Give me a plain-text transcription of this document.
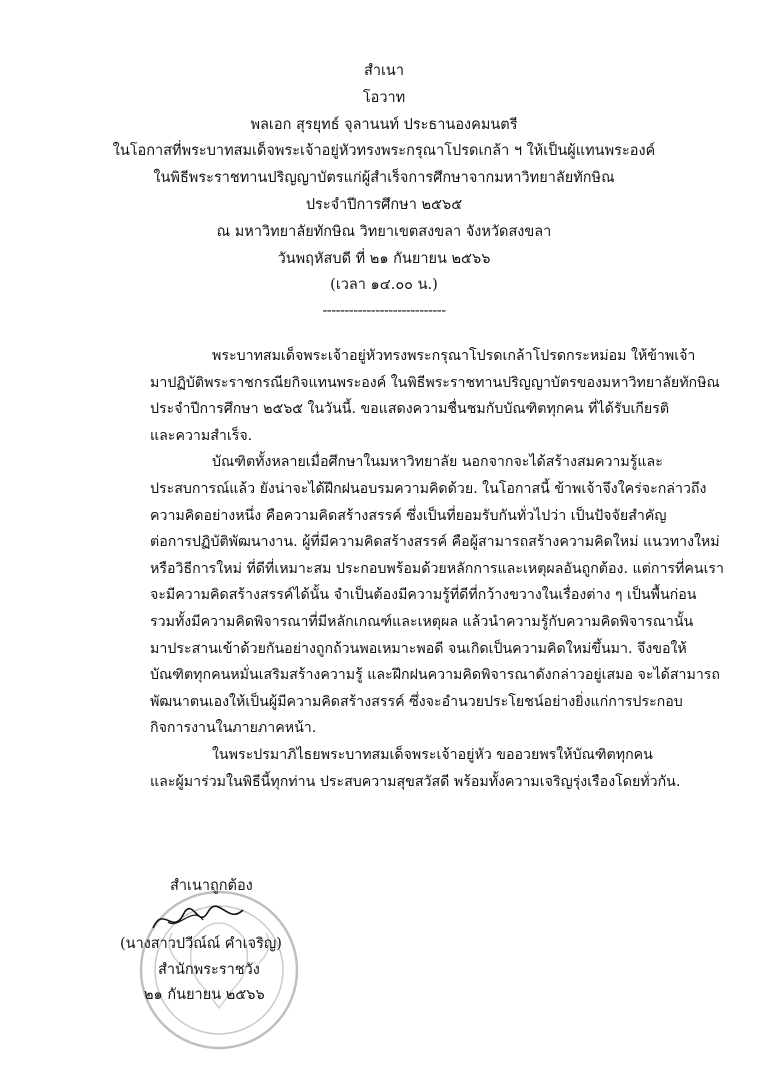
สำเนา
โอวาท
พลเอก สุรยุทธ์ จุลานนท์ ประธานองคมนตรี
ในโอกาสที่พระบาทสมเด็จพระเจ้าอยู่หัวทรงพระกรุณาโปรดเกล้า ฯ ให้เป็นผู้แทนพระองค์
ในพิธีพระราชทานปริญญาบัตรแก่ผู้สำเร็จการศึกษาจากมหาวิทยาลัยทักษิณ
ประจำปีการศึกษา ๒๕๖๕
ณ มหาวิทยาลัยทักษิณ วิทยาเขตสงขลา จังหวัดสงขลา
วันพฤหัสบดี ที่ ๒๑ กันยายน ๒๕๖๖
(เวลา ๑๔.๐๐ น.)
----------------------------
พระบาทสมเด็จพระเจ้าอยู่หัวทรงพระกรุณาโปรดเกล้าโปรดกระหม่อม ให้ข้าพเจ้า
มาปฏิบัติพระราชกรณียกิจแทนพระองค์ ในพิธีพระราชทานปริญญาบัตรของมหาวิทยาลัยทักษิณ
ประจำปีการศึกษา ๒๕๖๕ ในวันนี้. ขอแสดงความชื่นชมกับบัณฑิตทุกคน ที่ได้รับเกียรติ
และความสำเร็จ.
บัณฑิตทั้งหลายเมื่อศึกษาในมหาวิทยาลัย นอกจากจะได้สร้างสมความรู้และ
ประสบการณ์แล้ว ยังน่าจะได้ฝึกฝนอบรมความคิดด้วย. ในโอกาสนี้ ข้าพเจ้าจึงใคร่จะกล่าวถึง
ความคิดอย่างหนึ่ง คือความคิดสร้างสรรค์ ซึ่งเป็นที่ยอมรับกันทั่วไปว่า เป็นปัจจัยสำคัญ
ต่อการปฏิบัติพัฒนางาน. ผู้ที่มีความคิดสร้างสรรค์ คือผู้สามารถสร้างความคิดใหม่ แนวทางใหม่
หรือวิธีการใหม่ ที่ดีที่เหมาะสม ประกอบพร้อมด้วยหลักการและเหตุผลอันถูกต้อง. แต่การที่คนเรา
จะมีความคิดสร้างสรรค์ได้นั้น จำเป็นต้องมีความรู้ที่ดีที่กว้างขวางในเรื่องต่าง ๆ เป็นพื้นก่อน
รวมทั้งมีความคิดพิจารณาที่มีหลักเกณฑ์และเหตุผล แล้วนำความรู้กับความคิดพิจารณานั้น
มาประสานเข้าด้วยกันอย่างถูกถ้วนพอเหมาะพอดี จนเกิดเป็นความคิดใหม่ขึ้นมา. จึงขอให้
บัณฑิตทุกคนหมั่นเสริมสร้างความรู้ และฝึกฝนความคิดพิจารณาดังกล่าวอยู่เสมอ จะได้สามารถ
พัฒนาตนเองให้เป็นผู้มีความคิดสร้างสรรค์ ซึ่งจะอำนวยประโยชน์อย่างยิ่งแก่การประกอบ
กิจการงานในภายภาคหน้า.
ในพระปรมาภิไธยพระบาทสมเด็จพระเจ้าอยู่หัว ขออวยพรให้บัณฑิตทุกคน
และผู้มาร่วมในพิธีนี้ทุกท่าน ประสบความสุขสวัสดี พร้อมทั้งความเจริญรุ่งเรืองโดยทั่วกัน.
สำเนาถูกต้อง
(นางสาวปวีณ์ณ์ คำเจริญ)
สำนักพระราชวัง
๒๑ กันยายน ๒๕๖๖
